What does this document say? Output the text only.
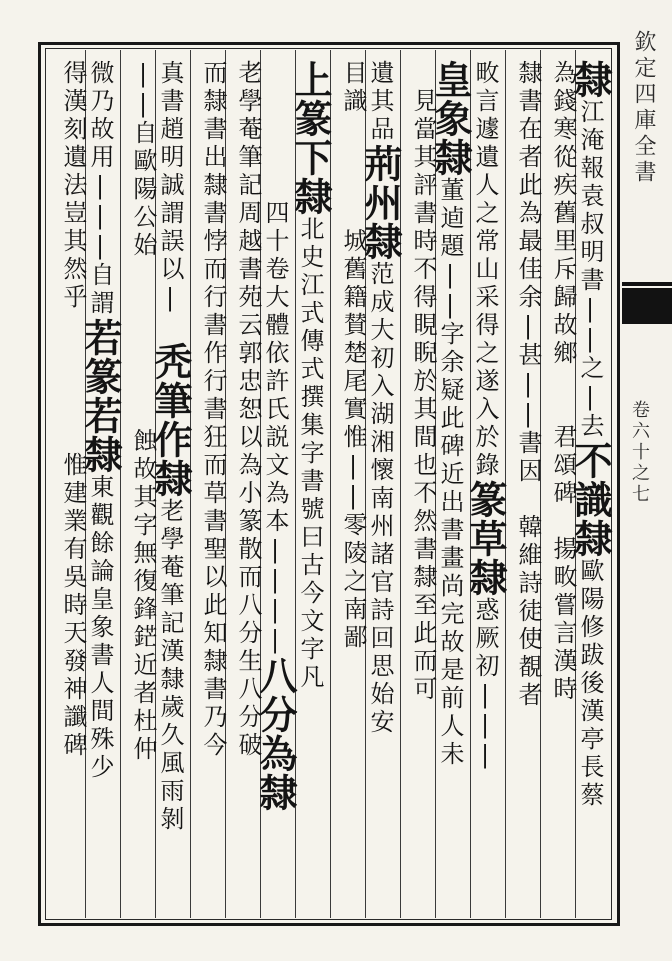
隸江淹報袁叔明書||之|去不識隸歐陽修跋後漢亭長蔡
為錢寒從疾舊里斥歸故鄉　　君頌碑　揚畋嘗言漢時
隸書在者此為最佳余|甚||書因　韓維詩徒使覩者
畋言遽遺人之常山采得之遂入於錄篆草隸惑厥初|||
皇象隸董逌題||字余疑此碑近出書畫尚完故是前人未
　見當其評書時不得睍睨於其間也不然書隸至此而可
遺其品荊州隸范成大初入湖湘懷南州諸官詩回思始安
目識　　　　城舊籍賛楚尾實惟||零陵之南鄙
上篆下隸北史江式傳式撰集字書號曰古今文字凡
　　　　　四十卷大體依許氏説文為本||||八分為隸
老學菴筆記周越書苑云郭忠恕以為小篆散而八分生八分破
而隸書出隸書悖而行書作行書狂而草書聖以此知隸書乃今
真書趙明誠謂誤以|　秃筆作隸老學菴筆記漢隸歲久風雨剝
||自歐陽公始　　　　　　蝕故其字無復鋒鋩近者杜仲
微乃故用|||自謂若篆若隸東觀餘論皇象書人間殊少
得漢刻遺法豈其然乎　　　　　惟建業有吳時天發神讖碑
欽定四庫全書
卷六十之七
